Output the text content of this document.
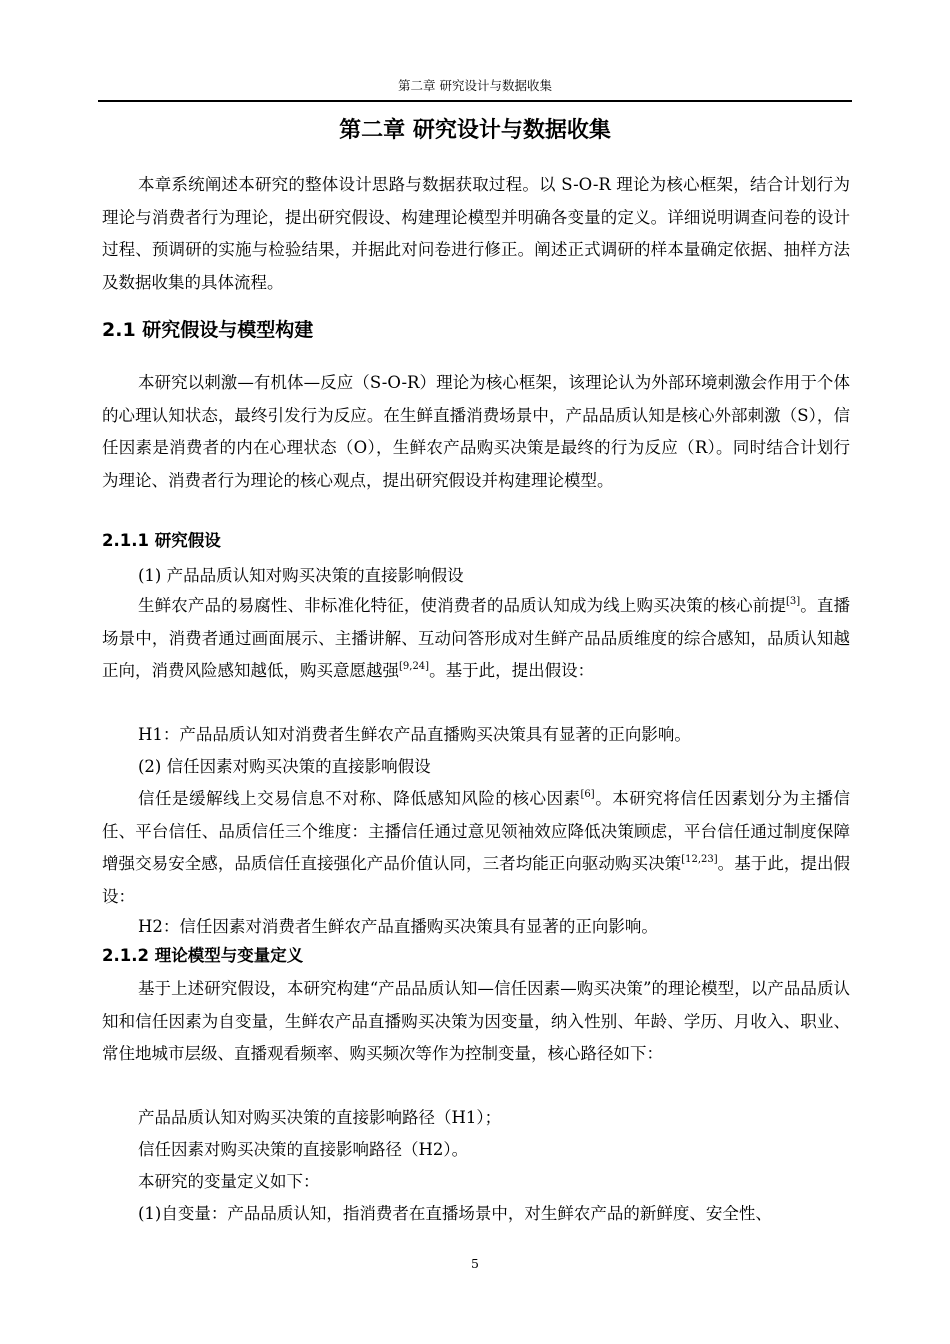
第二章 研究设计与数据收集
第二章 研究设计与数据收集

本章系统阐述本研究的整体设计思路与数据获取过程。以 S-O-R 理论为核心框架，结合计划行为理论与消费者行为理论，提出研究假设、构建理论模型并明确各变量的定义。详细说明调查问卷的设计过程、预调研的实施与检验结果，并据此对问卷进行修正。阐述正式调研的样本量确定依据、抽样方法及数据收集的具体流程。

2.1 研究假设与模型构建

本研究以刺激—有机体—反应（S-O-R）理论为核心框架，该理论认为外部环境刺激会作用于个体的心理认知状态，最终引发行为反应。在生鲜直播消费场景中，产品品质认知是核心外部刺激（S），信任因素是消费者的内在心理状态（O），生鲜农产品购买决策是最终的行为反应（R）。同时结合计划行为理论、消费者行为理论的核心观点，提出研究假设并构建理论模型。

2.1.1 研究假设

(1) 产品品质认知对购买决策的直接影响假设

生鲜农产品的易腐性、非标准化特征，使消费者的品质认知成为线上购买决策的核心前提[3]。直播场景中，消费者通过画面展示、主播讲解、互动问答形成对生鲜产品品质维度的综合感知，品质认知越正向，消费风险感知越低，购买意愿越强[9,24]。基于此，提出假设：

H1：产品品质认知对消费者生鲜农产品直播购买决策具有显著的正向影响。

(2) 信任因素对购买决策的直接影响假设

信任是缓解线上交易信息不对称、降低感知风险的核心因素[6]。本研究将信任因素划分为主播信任、平台信任、品质信任三个维度：主播信任通过意见领袖效应降低决策顾虑，平台信任通过制度保障增强交易安全感，品质信任直接强化产品价值认同，三者均能正向驱动购买决策[12,23]。基于此，提出假设：

H2：信任因素对消费者生鲜农产品直播购买决策具有显著的正向影响。

2.1.2 理论模型与变量定义

基于上述研究假设，本研究构建“产品品质认知—信任因素—购买决策”的理论模型，以产品品质认知和信任因素为自变量，生鲜农产品直播购买决策为因变量，纳入性别、年龄、学历、月收入、职业、常住地城市层级、直播观看频率、购买频次等作为控制变量，核心路径如下：

产品品质认知对购买决策的直接影响路径（H1）；

信任因素对购买决策的直接影响路径（H2）。

本研究的变量定义如下：

(1)自变量：产品品质认知，指消费者在直播场景中，对生鲜农产品的新鲜度、安全性、

5
